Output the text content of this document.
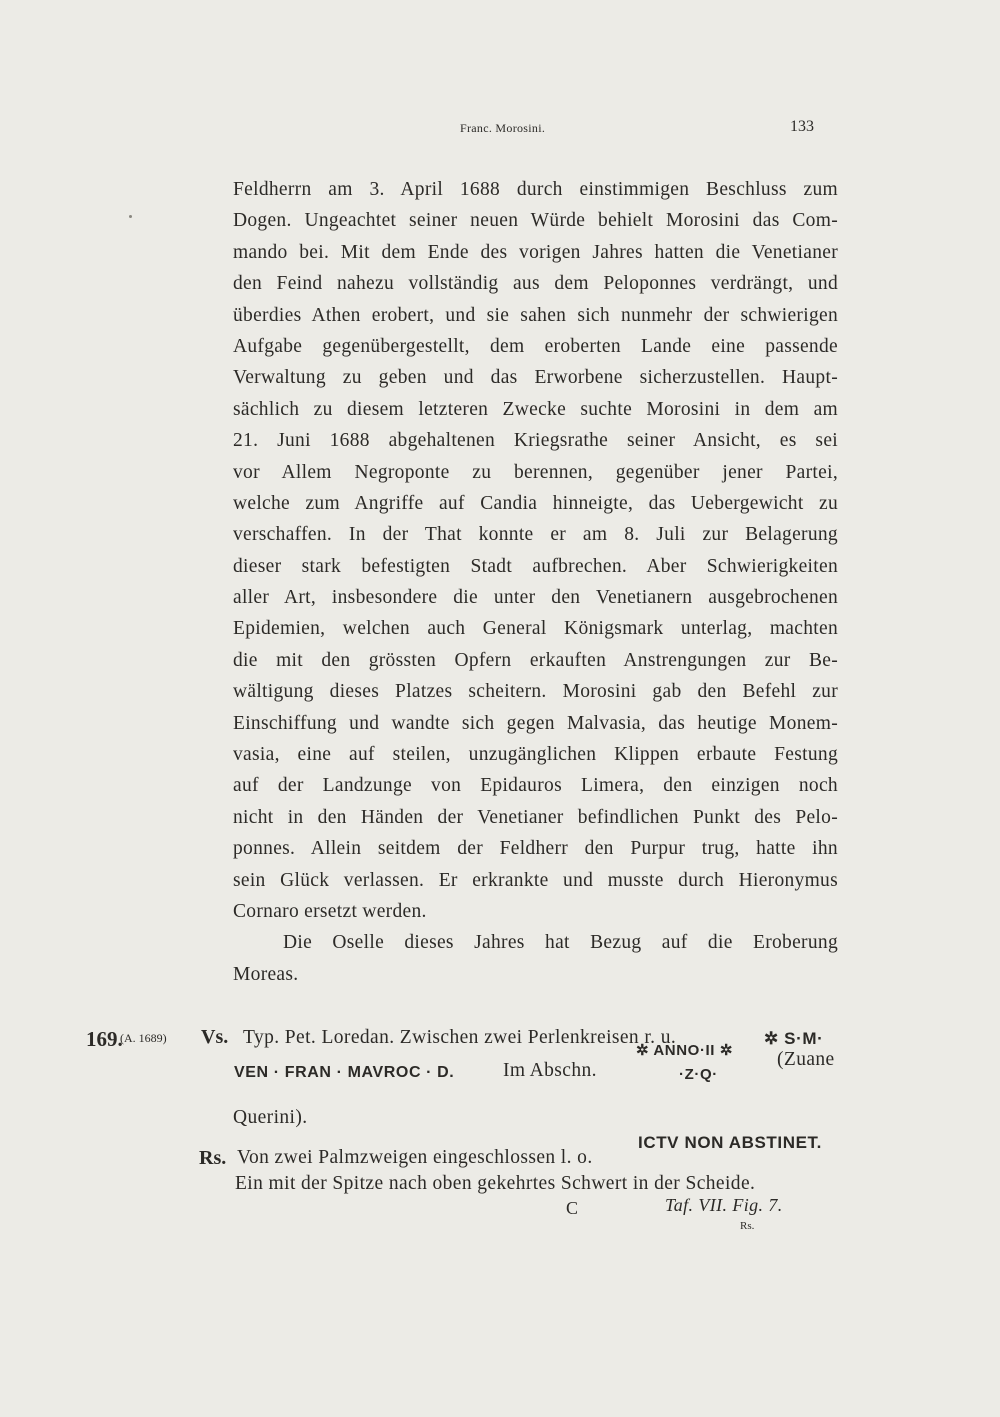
Franc. Morosini.	133
Feldherrn am 3. April 1688 durch einstimmigen Beschluss zum
Dogen. Ungeachtet seiner neuen Würde behielt Morosini das Com-
mando bei. Mit dem Ende des vorigen Jahres hatten die Venetianer
den Feind nahezu vollständig aus dem Peloponnes verdrängt, und
überdies Athen erobert, und sie sahen sich nunmehr der schwierigen
Aufgabe gegenübergestellt, dem eroberten Lande eine passende
Verwaltung zu geben und das Erworbene sicherzustellen. Haupt-
sächlich zu diesem letzteren Zwecke suchte Morosini in dem am
21. Juni 1688 abgehaltenen Kriegsrathe seiner Ansicht, es sei
vor Allem Negroponte zu berennen, gegenüber jener Partei,
welche zum Angriffe auf Candia hinneigte, das Uebergewicht zu
verschaffen. In der That konnte er am 8. Juli zur Belagerung
dieser stark befestigten Stadt aufbrechen. Aber Schwierigkeiten
aller Art, insbesondere die unter den Venetianern ausgebrochenen
Epidemien, welchen auch General Königsmark unterlag, machten
die mit den grössten Opfern erkauften Anstrengungen zur Be-
wältigung dieses Platzes scheitern. Morosini gab den Befehl zur
Einschiffung und wandte sich gegen Malvasia, das heutige Monem-
vasia, eine auf steilen, unzugänglichen Klippen erbaute Festung
auf der Landzunge von Epidauros Limera, den einzigen noch
nicht in den Händen der Venetianer befindlichen Punkt des Pelo-
ponnes. Allein seitdem der Feldherr den Purpur trug, hatte ihn
sein Glück verlassen. Er erkrankte und musste durch Hieronymus
Cornaro ersetzt werden.
Die Oselle dieses Jahres hat Bezug auf die Eroberung
Moreas.
169.
(A. 1689) Vs. Typ. Pet. Loredan. Zwischen zwei Perlenkreisen r. u.	✲ S·M·
VEN · FRAN · MAVROC · D. Im Abschn.
✲ ANNO·II ✲
·Z·Q·
(Zuane
Querini).
Rs. Von zwei Palmzweigen eingeschlossen l. o.
ICTV NON ABSTINET.
Ein mit der Spitze nach oben gekehrtes Schwert in der Scheide.
C	Taf. VII. Fig. 7.
Rs.
